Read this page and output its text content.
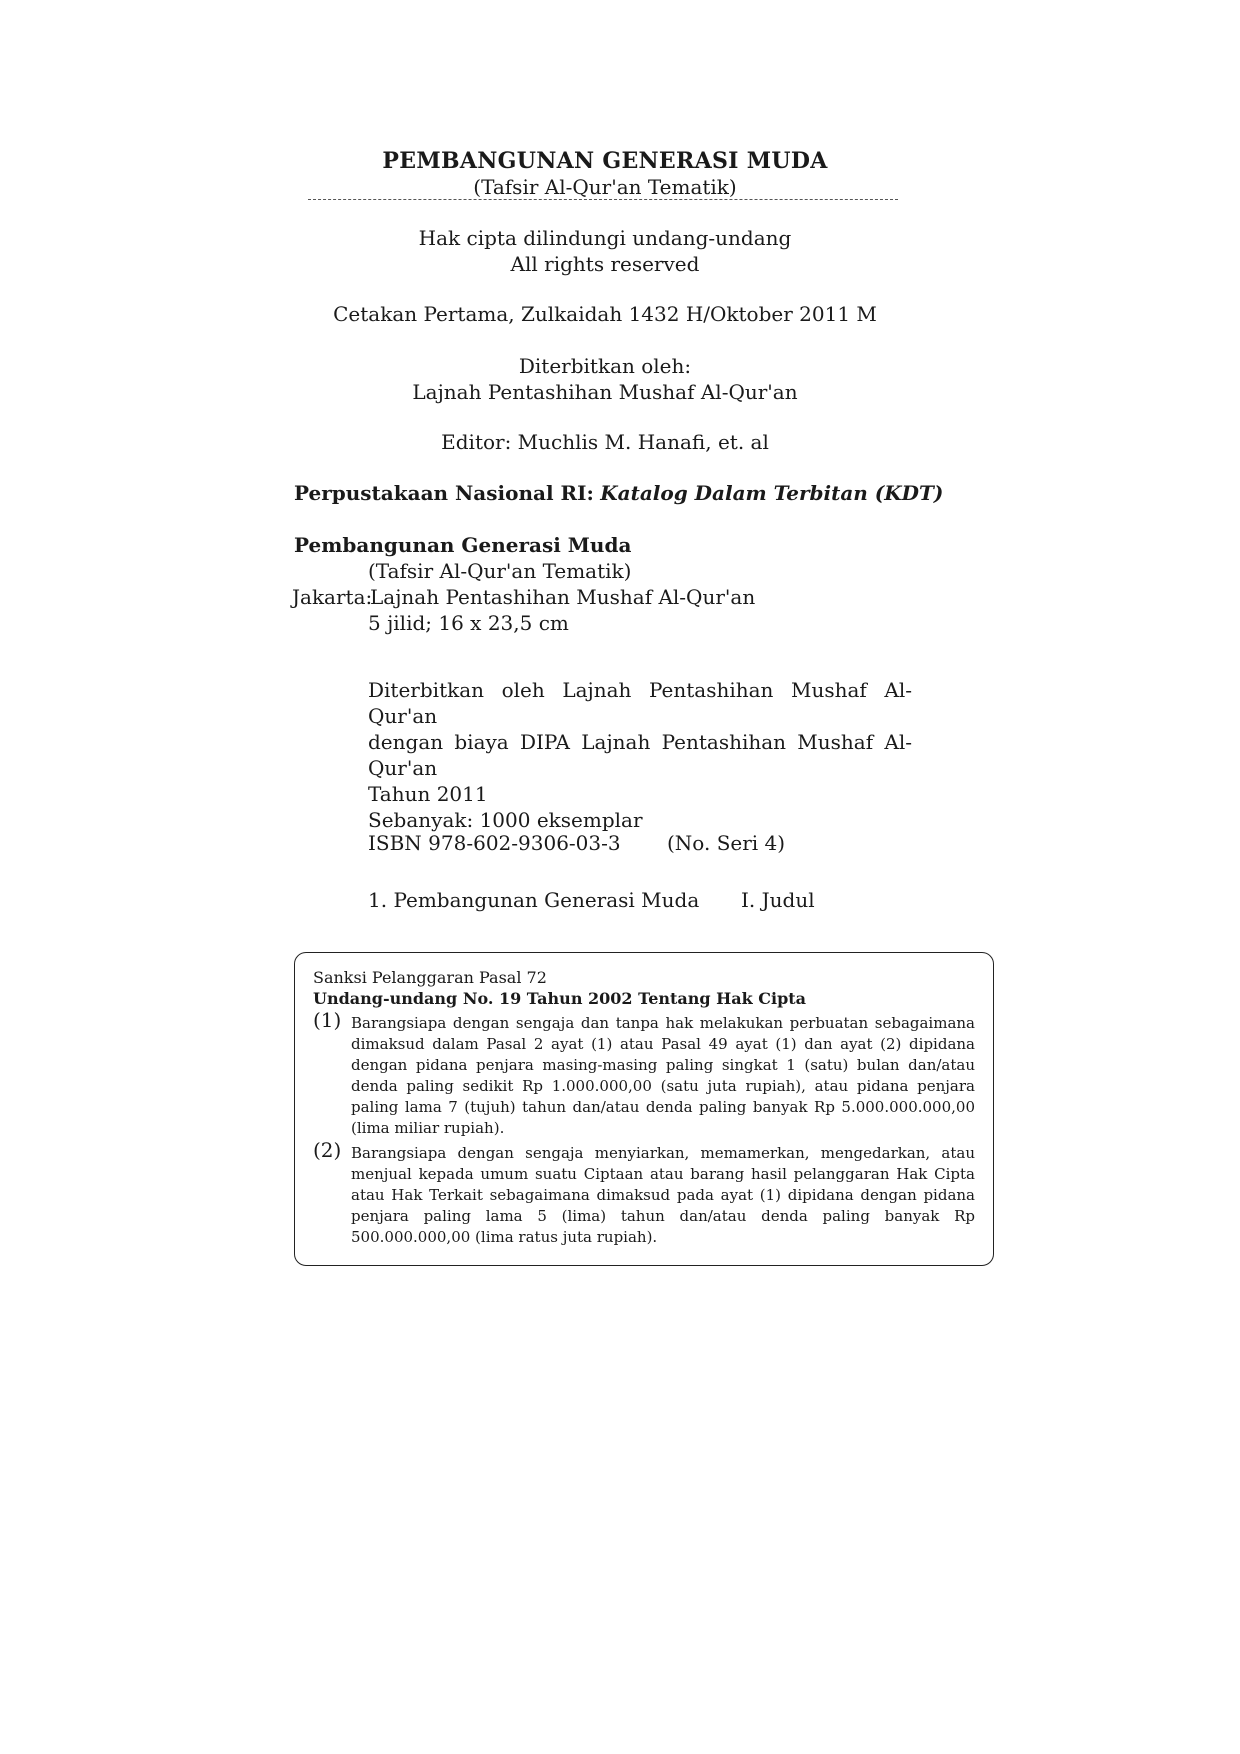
PEMBANGUNAN GENERASI MUDA
(Tafsir Al-Qur'an Tematik)
Hak cipta dilindungi undang-undang
All rights reserved
Cetakan Pertama, Zulkaidah 1432 H/Oktober 2011 M
Diterbitkan oleh:
Lajnah Pentashihan Mushaf Al-Qur'an
Editor: Muchlis M. Hanafi, et. al
Perpustakaan Nasional RI: Katalog Dalam Terbitan (KDT)
Pembangunan Generasi Muda
(Tafsir Al-Qur'an Tematik)
Jakarta:
Lajnah Pentashihan Mushaf Al-Qur'an
5 jilid; 16 x 23,5 cm
Diterbitkan oleh Lajnah Pentashihan Mushaf Al-Qur'an
dengan biaya DIPA Lajnah Pentashihan Mushaf Al-Qur'an
Tahun 2011
Sebanyak: 1000 eksemplar
ISBN 978-602-9306-03-3 (No. Seri 4)
1. Pembangunan Generasi Muda I. Judul
Sanksi Pelanggaran Pasal 72
Undang-undang No. 19 Tahun 2002 Tentang Hak Cipta
(1) Barangsiapa dengan sengaja dan tanpa hak melakukan perbuatan sebagaimana dimaksud dalam Pasal 2 ayat (1) atau Pasal 49 ayat (1) dan ayat (2) dipidana dengan pidana penjara masing-masing paling singkat 1 (satu) bulan dan/atau denda paling sedikit Rp 1.000.000,00 (satu juta rupiah), atau pidana penjara paling lama 7 (tujuh) tahun dan/atau denda paling banyak Rp 5.000.000.000,00 (lima miliar rupiah).
(2) Barangsiapa dengan sengaja menyiarkan, memamerkan, mengedarkan, atau menjual kepada umum suatu Ciptaan atau barang hasil pelanggaran Hak Cipta atau Hak Terkait sebagaimana dimaksud pada ayat (1) dipidana dengan pidana penjara paling lama 5 (lima) tahun dan/atau denda paling banyak Rp 500.000.000,00 (lima ratus juta rupiah).
